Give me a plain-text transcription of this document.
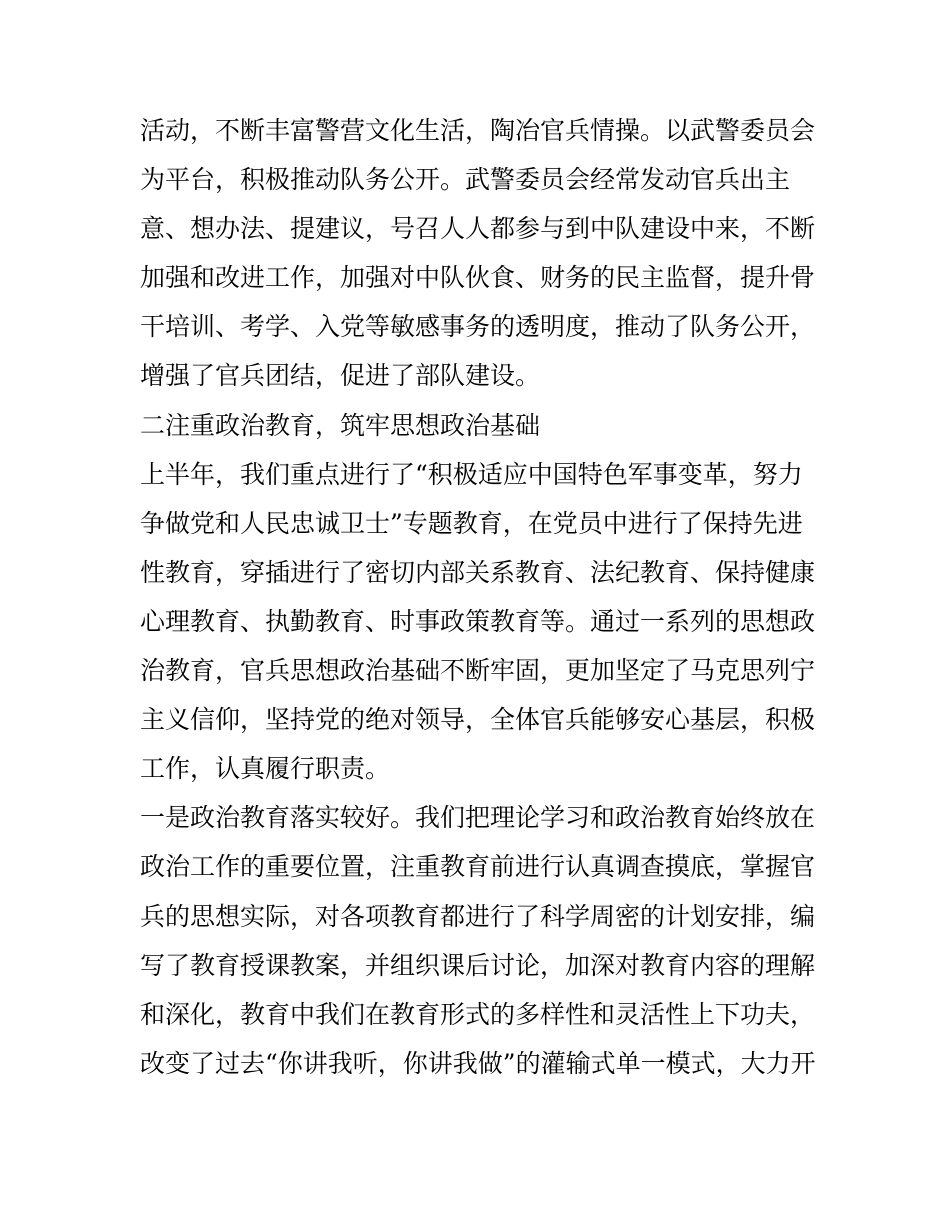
活动，不断丰富警营文化生活，陶冶官兵情操。以武警委员会
为平台，积极推动队务公开。武警委员会经常发动官兵出主
意、想办法、提建议，号召人人都参与到中队建设中来，不断
加强和改进工作，加强对中队伙食、财务的民主监督，提升骨
干培训、考学、入党等敏感事务的透明度，推动了队务公开，
增强了官兵团结，促进了部队建设。
二注重政治教育，筑牢思想政治基础
上半年，我们重点进行了“积极适应中国特色军事变革，努力
争做党和人民忠诚卫士”专题教育，在党员中进行了保持先进
性教育，穿插进行了密切内部关系教育、法纪教育、保持健康
心理教育、执勤教育、时事政策教育等。通过一系列的思想政
治教育，官兵思想政治基础不断牢固，更加坚定了马克思列宁
主义信仰，坚持党的绝对领导，全体官兵能够安心基层，积极
工作，认真履行职责。
一是政治教育落实较好。我们把理论学习和政治教育始终放在
政治工作的重要位置，注重教育前进行认真调查摸底，掌握官
兵的思想实际，对各项教育都进行了科学周密的计划安排，编
写了教育授课教案，并组织课后讨论，加深对教育内容的理解
和深化，教育中我们在教育形式的多样性和灵活性上下功夫，
改变了过去“你讲我听，你讲我做”的灌输式单一模式，大力开
